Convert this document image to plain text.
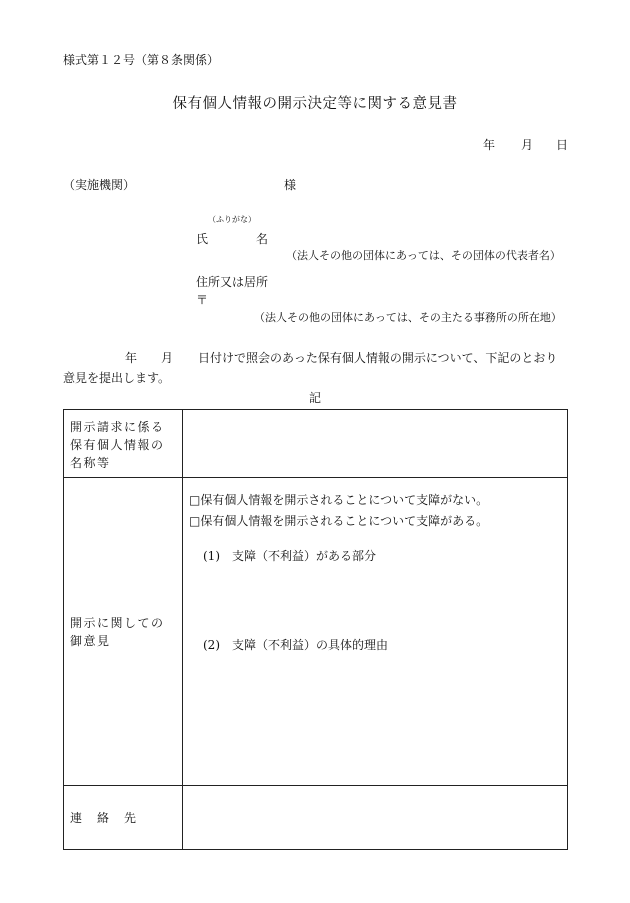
様式第１２号（第８条関係）
保有個人情報の開示決定等に関する意見書
年 月 日
（実施機関）	様
（ふりがな）
氏	名
（法人その他の団体にあっては、その団体の代表者名）
住所又は居所
〒
（法人その他の団体にあっては、その主たる事務所の所在地）
年 月 日付けで照会のあった保有個人情報の開示について、下記のとおり
意見を提出します。
記
開示請求に係る保有個人情報の名称等	

開示に関しての御意見	□保有個人情報を開示されることについて支障がない。
□保有個人情報を開示されることについて支障がある。
(1)　支障（不利益）がある部分
(2)　支障（不利益）の具体的理由

連　絡　先	
